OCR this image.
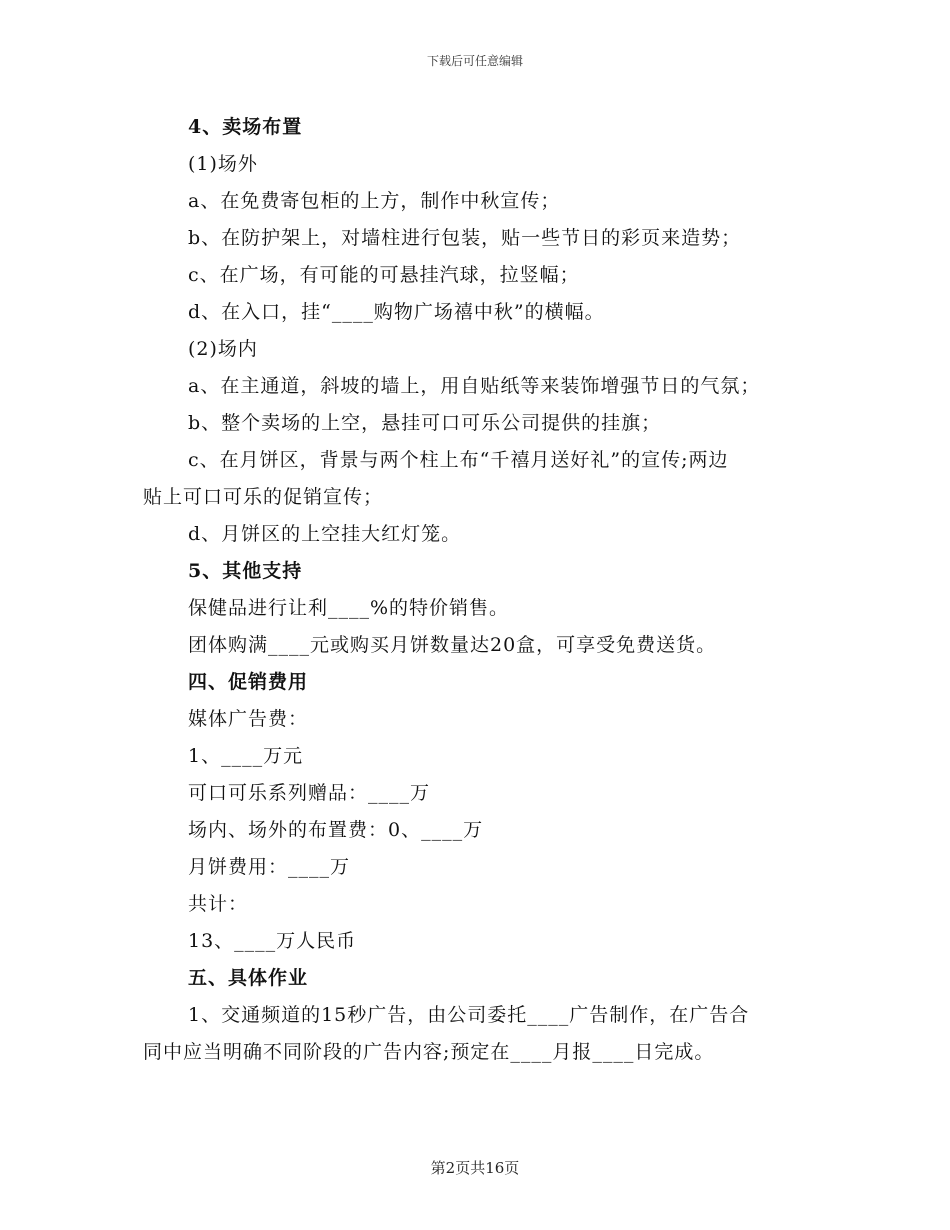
下载后可任意编辑
4、卖场布置
(1)场外
a、在免费寄包柜的上方，制作中秋宣传；
b、在防护架上，对墙柱进行包装，贴一些节日的彩页来造势；
c、在广场，有可能的可悬挂汽球，拉竖幅；
d、在入口，挂“____购物广场禧中秋”的横幅。
(2)场内
a、在主通道，斜坡的墙上，用自贴纸等来装饰增强节日的气氛；
b、整个卖场的上空，悬挂可口可乐公司提供的挂旗；
c、在月饼区，背景与两个柱上布“千禧月送好礼”的宣传;两边
贴上可口可乐的促销宣传；
d、月饼区的上空挂大红灯笼。
5、其他支持
保健品进行让利____%的特价销售。
团体购满____元或购买月饼数量达20盒，可享受免费送货。
四、促销费用
媒体广告费：
1、____万元
可口可乐系列赠品：____万
场内、场外的布置费：0、____万
月饼费用：____万
共计：
13、____万人民币
五、具体作业
1、交通频道的15秒广告，由公司委托____广告制作，在广告合
同中应当明确不同阶段的广告内容;预定在____月报____日完成。
第2页共16页
